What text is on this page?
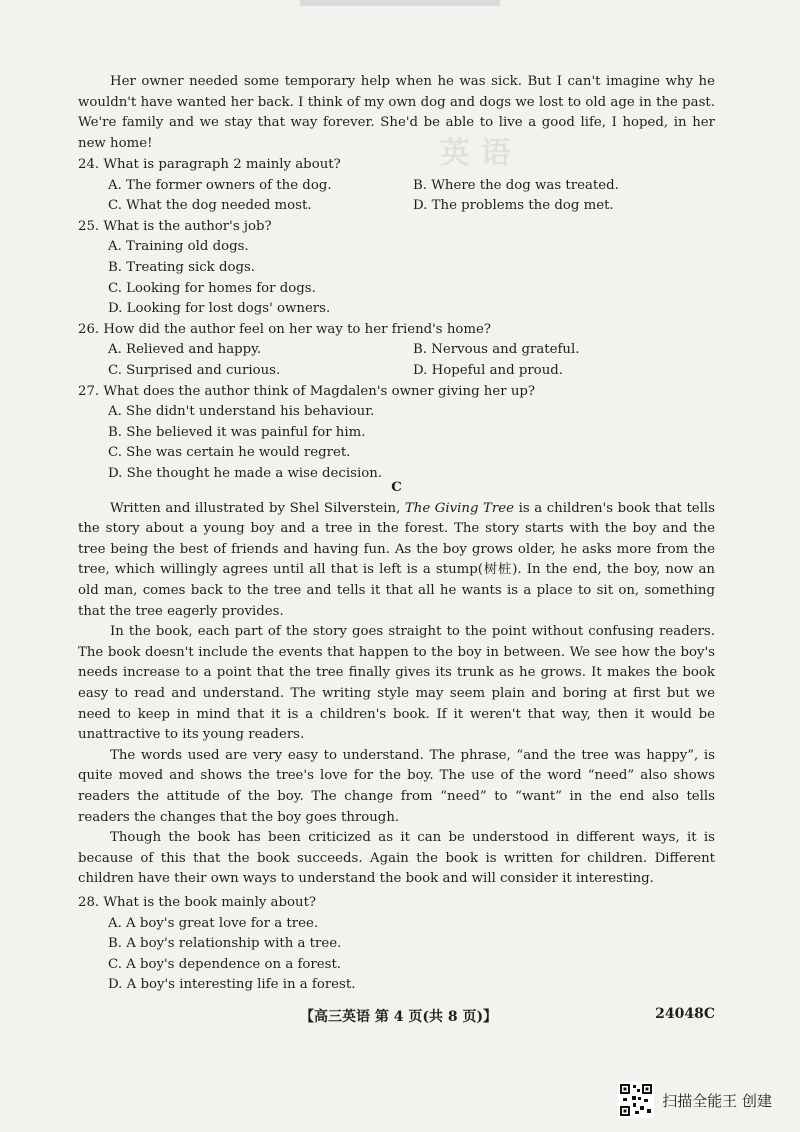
英 语

Her owner needed some temporary help when he was sick. But I can't imagine why he wouldn't have wanted her back. I think of my own dog and dogs we lost to old age in the past. We're family and we stay that way forever. She'd be able to live a good life, I hoped, in her new home!

24. What is paragraph 2 mainly about?

A. The former owners of the dog.	B. Where the dog was treated.
C. What the dog needed most.	D. The problems the dog met.

25. What is the author's job?

A. Training old dogs.
B. Treating sick dogs.
C. Looking for homes for dogs.
D. Looking for lost dogs' owners.

26. How did the author feel on her way to her friend's home?

A. Relieved and happy.	B. Nervous and grateful.
C. Surprised and curious.	D. Hopeful and proud.

27. What does the author think of Magdalen's owner giving her up?

A. She didn't understand his behaviour.
B. She believed it was painful for him.
C. She was certain he would regret.
D. She thought he made a wise decision.

C

Written and illustrated by Shel Silverstein, The Giving Tree is a children's book that tells the story about a young boy and a tree in the forest. The story starts with the boy and the tree being the best of friends and having fun. As the boy grows older, he asks more from the tree, which willingly agrees until all that is left is a stump(树桩). In the end, the boy, now an old man, comes back to the tree and tells it that all he wants is a place to sit on, something that the tree eagerly provides.

In the book, each part of the story goes straight to the point without confusing readers. The book doesn't include the events that happen to the boy in between. We see how the boy's needs increase to a point that the tree finally gives its trunk as he grows. It makes the book easy to read and understand. The writing style may seem plain and boring at first but we need to keep in mind that it is a children's book. If it weren't that way, then it would be unattractive to its young readers.

The words used are very easy to understand. The phrase, “and the tree was happy”, is quite moved and shows the tree's love for the boy. The use of the word “need” also shows readers the attitude of the boy. The change from “need” to “want” in the end also tells readers the changes that the boy goes through.

Though the book has been criticized as it can be understood in different ways, it is because of this that the book succeeds. Again the book is written for children. Different children have their own ways to understand the book and will consider it interesting.

28. What is the book mainly about?

A. A boy's great love for a tree.
B. A boy's relationship with a tree.
C. A boy's dependence on a forest.
D. A boy's interesting life in a forest.
【高三英语 第 4 页(共 8 页)】	24048C
扫描全能王 创建
